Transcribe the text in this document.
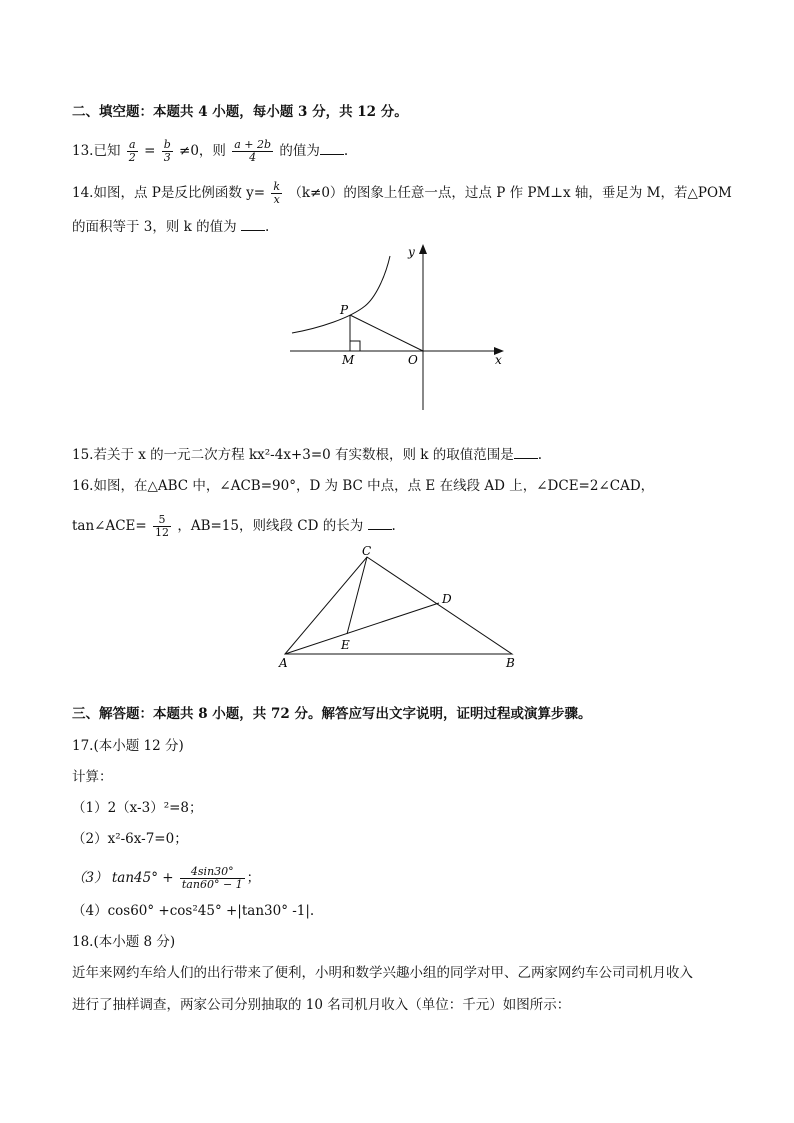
二、填空题：本题共 4 小题，每小题 3 分，共 12 分。
13.已知 $\frac{a}{2} = \frac{b}{3} \ne 0$，则 $\frac{a + 2b}{4}$ 的值为 .
14.如图，点 P是反比例函数 $y= \frac{k}{x} (k\ne 0)$的图象上任意一点，过点 P 作 PM⊥x 轴，垂足为 M，若△POM
的面积等于 3，则 k 的值为 .
y
x
P
M	O
15.若关于 x 的一元二次方程 kx²-4x+3=0 有实数根，则 k 的取值范围是 .
16.如图，在△ABC 中，∠ACB=90°，D 为 BC 中点，点 E 在线段 AD 上，∠DCE=2∠CAD，
tan∠ACE= $\frac{5}{12}$ ，AB=15，则线段 CD 的长为 .
A	B
C
D
E
三、解答题：本题共 8 小题，共 72 分。解答应写出文字说明，证明过程或演算步骤。
17.(本小题 12 分)
计算：
（1）2（x-3）²=8；
（2）x²-6x-7=0；
（3） $\tan 45^\circ + \frac{4\sin 30^\circ}{\tan 60^\circ - 1}$ ；
（4）cos60° +cos²45° +|tan30° -1|.
18.(本小题 8 分)
近年来网约车给人们的出行带来了便利，小明和数学兴趣小组的同学对甲、乙两家网约车公司司机月收入
进行了抽样调查，两家公司分别抽取的 10 名司机月收入（单位：千元）如图所示：
